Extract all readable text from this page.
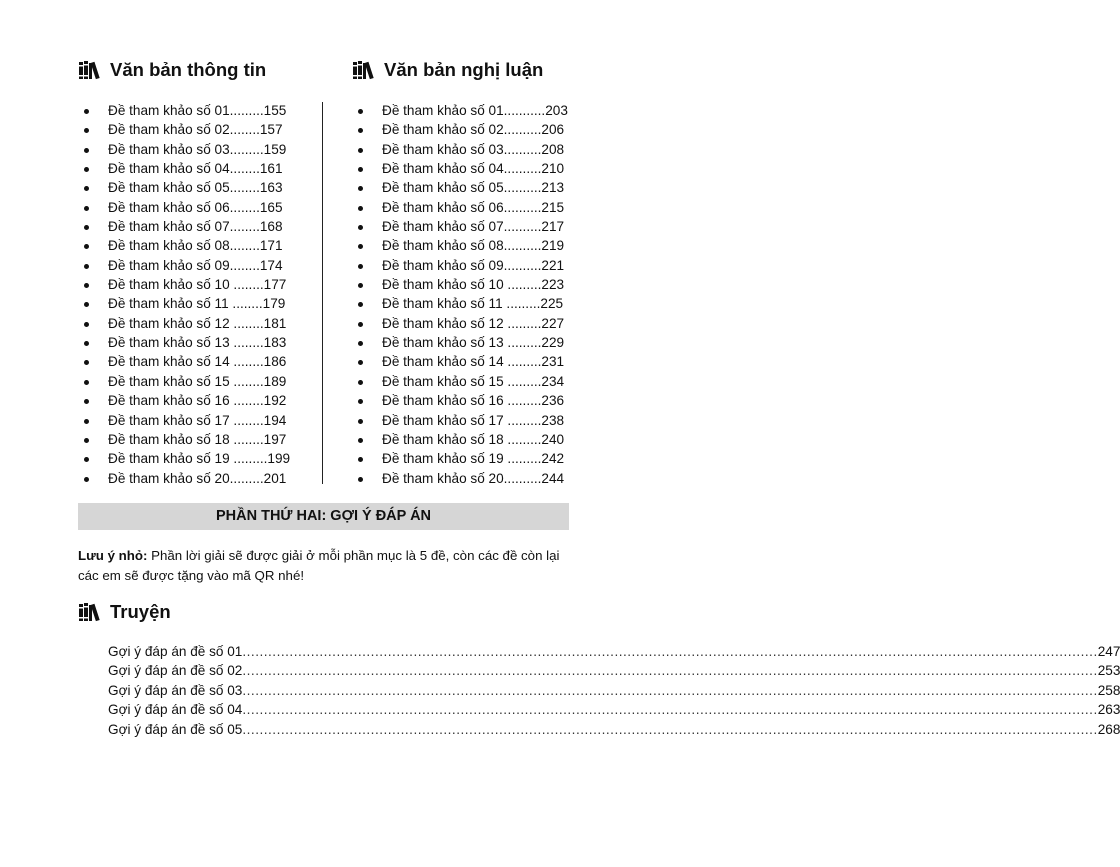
Văn bản thông tin
Đề tham khảo số 01.........155
Đề tham khảo số 02........157
Đề tham khảo số 03.........159
Đề tham khảo số 04........161
Đề tham khảo số 05........163
Đề tham khảo số 06........165
Đề tham khảo số 07........168
Đề tham khảo số 08........171
Đề tham khảo số 09........174
Đề tham khảo số 10 ........177
Đề tham khảo số 11 ........179
Đề tham khảo số 12 ........181
Đề tham khảo số 13 ........183
Đề tham khảo số 14 ........186
Đề tham khảo số 15 ........189
Đề tham khảo số 16 ........192
Đề tham khảo số 17 ........194
Đề tham khảo số 18 ........197
Đề tham khảo số 19 .........199
Đề tham khảo số 20.........201
Văn bản nghị luận
Đề tham khảo số 01...........203
Đề tham khảo số 02..........206
Đề tham khảo số 03..........208
Đề tham khảo số 04..........210
Đề tham khảo số 05..........213
Đề tham khảo số 06..........215
Đề tham khảo số 07..........217
Đề tham khảo số 08..........219
Đề tham khảo số 09..........221
Đề tham khảo số 10 .........223
Đề tham khảo số 11 .........225
Đề tham khảo số 12 .........227
Đề tham khảo số 13 .........229
Đề tham khảo số 14 .........231
Đề tham khảo số 15 .........234
Đề tham khảo số 16 .........236
Đề tham khảo số 17 .........238
Đề tham khảo số 18 .........240
Đề tham khảo số 19 .........242
Đề tham khảo số 20..........244
PHẦN THỨ HAI: GỢI Ý ĐÁP ÁN
Lưu ý nhỏ: Phần lời giải sẽ được giải ở mỗi phần mục là 5 đề, còn các đề còn lại các em sẽ được tặng vào mã QR nhé!
Truyện
Gợi ý đáp án đề số 01 ........................................................................................................................................................................................................ 247
Gợi ý đáp án đề số 02 ........................................................................................................................................................................................................ 253
Gợi ý đáp án đề số 03 ........................................................................................................................................................................................................ 258
Gợi ý đáp án đề số 04 ........................................................................................................................................................................................................ 263
Gợi ý đáp án đề số 05 ........................................................................................................................................................................................................ 268
